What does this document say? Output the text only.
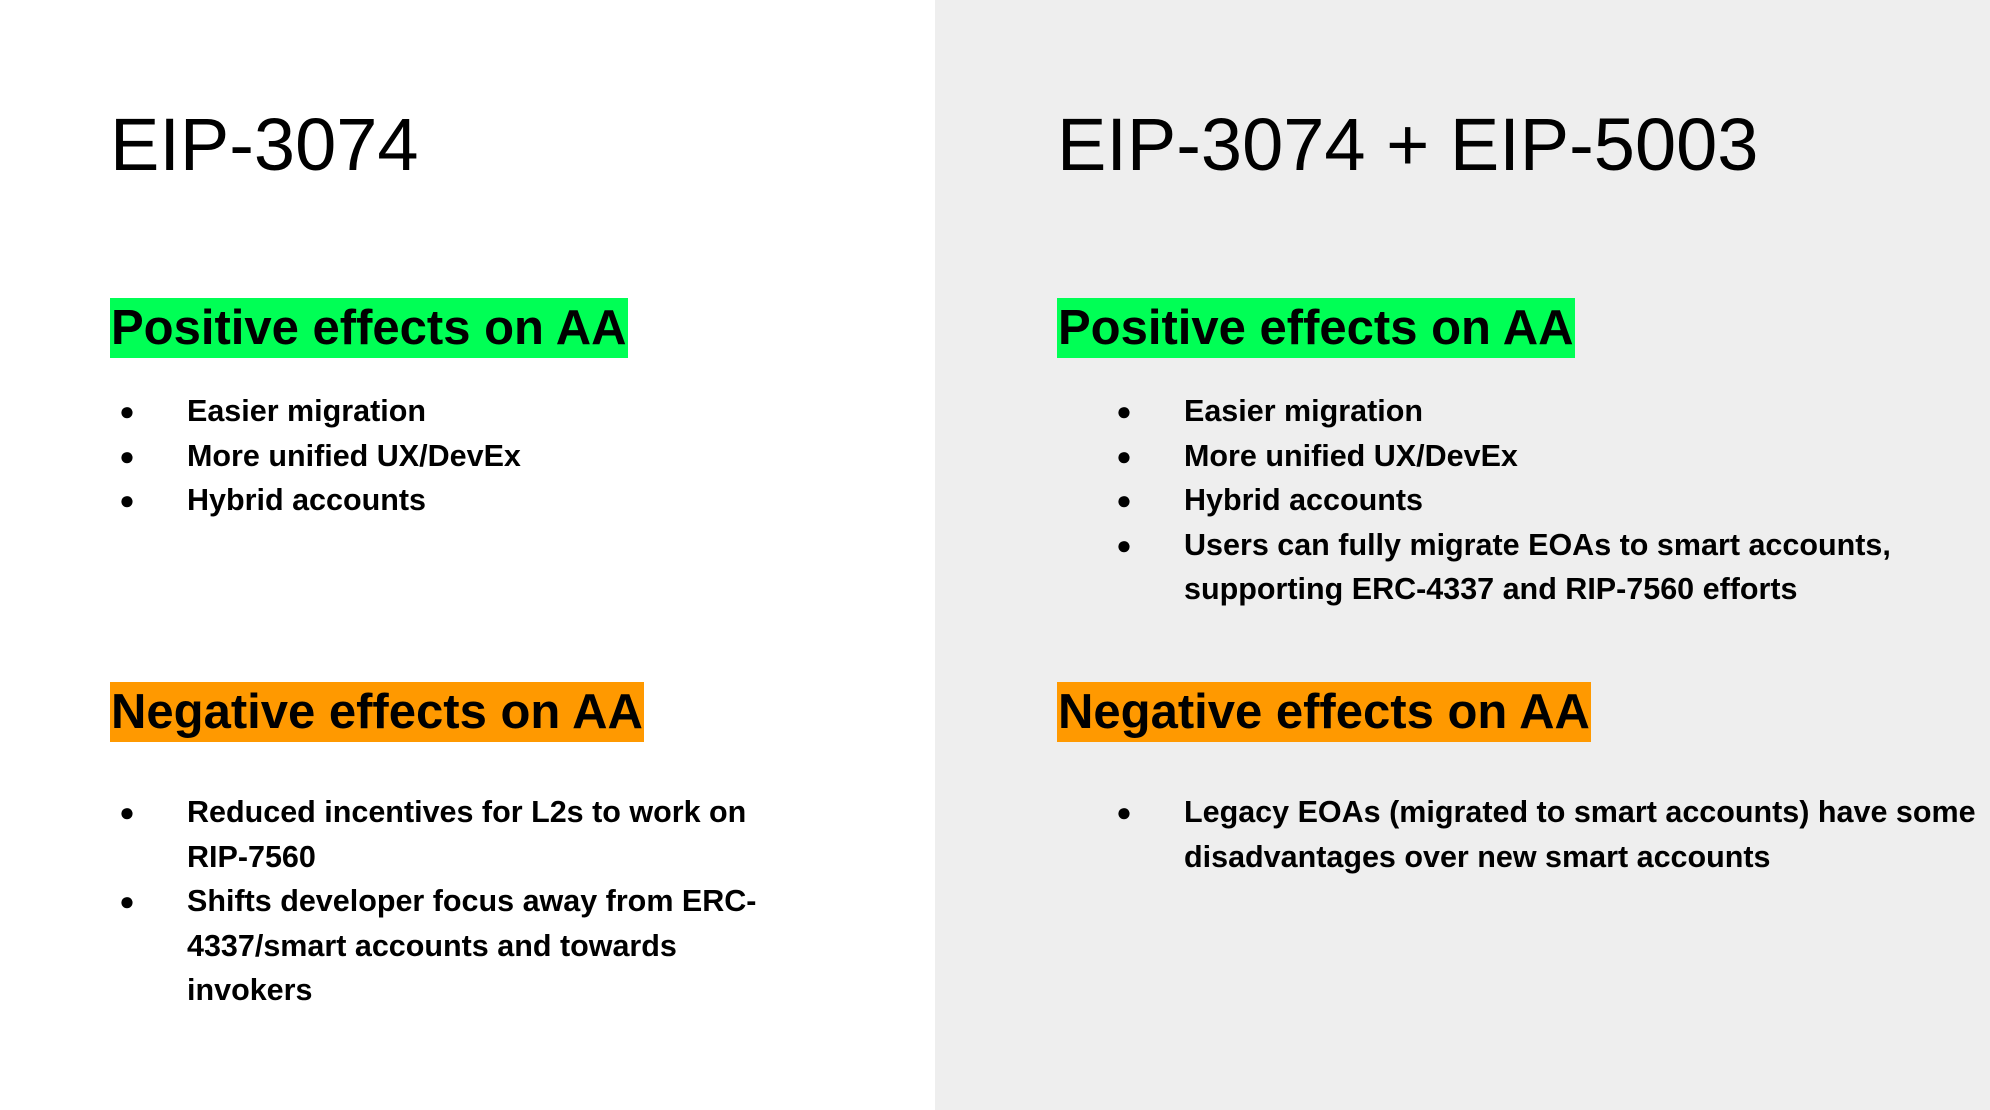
EIP-3074
Positive effects on AA
● Easier migration
● More unified UX/DevEx
● Hybrid accounts
Negative effects on AA
● Reduced incentives for L2s to work on RIP-7560
● Shifts developer focus away from ERC-4337/smart accounts and towards invokers
EIP-3074 + EIP-5003
Positive effects on AA
● Easier migration
● More unified UX/DevEx
● Hybrid accounts
● Users can fully migrate EOAs to smart accounts, supporting ERC-4337 and RIP-7560 efforts
Negative effects on AA
● Legacy EOAs (migrated to smart accounts) have some disadvantages over new smart accounts
